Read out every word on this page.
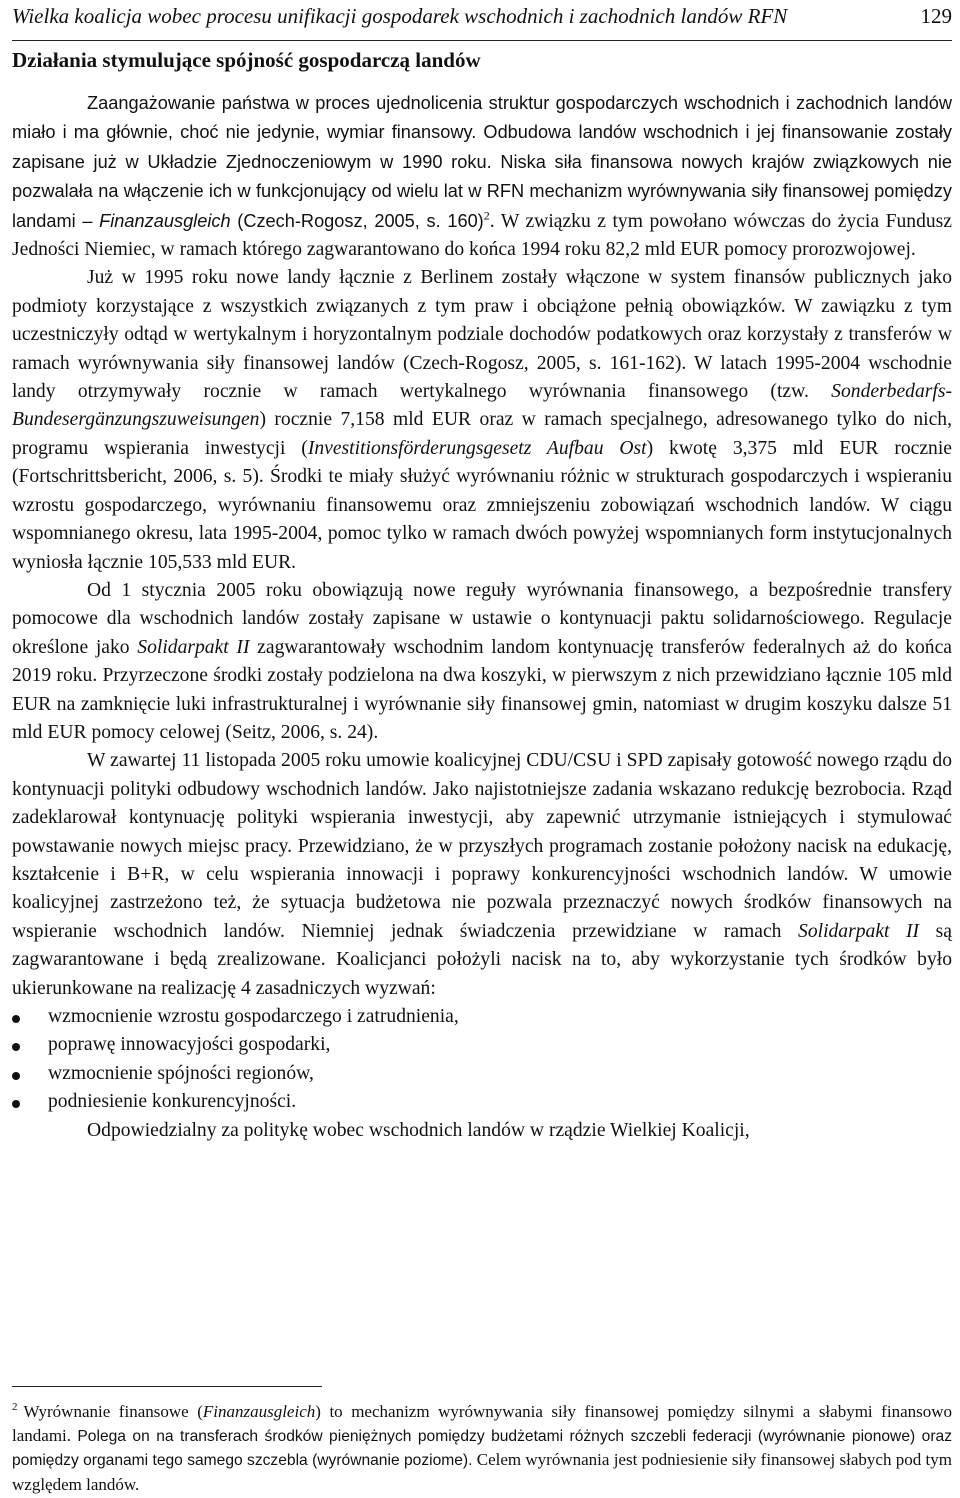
Wielka koalicja wobec procesu unifikacji gospodarek wschodnich i zachodnich landów RFN	129
Działania stymulujące spójność gospodarczą landów

Zaangażowanie państwa w proces ujednolicenia struktur gospodarczych wschodnich i zachodnich landów miało i ma głównie, choć nie jedynie, wymiar finansowy. Odbudowa landów wschodnich i jej finansowanie zostały zapisane już w Układzie Zjednoczeniowym w 1990 roku. Niska siła finansowa nowych krajów związkowych nie pozwalała na włączenie ich w funkcjonujący od wielu lat w RFN mechanizm wyrównywania siły finansowej pomiędzy landami – Finanzausgleich (Czech-Rogosz, 2005, s. 160)$^2$. W związku z tym powołano wówczas do życia Fundusz Jedności Niemiec, w ramach którego zagwarantowano do końca 1994 roku 82,2 mld EUR pomocy prorozwojowej.

Już w 1995 roku nowe landy łącznie z Berlinem zostały włączone w system finansów publicznych jako podmioty korzystające z wszystkich związanych z tym praw i obciążone pełnią obowiązków. W zawiązku z tym uczestniczyły odtąd w wertykalnym i horyzontalnym podziale dochodów podatkowych oraz korzystały z transferów w ramach wyrównywania siły finansowej landów (Czech-Rogosz, 2005, s. 161-162). W latach 1995-2004 wschodnie landy otrzymywały rocznie w ramach wertykalnego wyrównania finansowego (tzw. Sonderbedarfs-Bundesergänzungszuweisungen) rocznie 7,158 mld EUR oraz w ramach specjalnego, adresowanego tylko do nich, programu wspierania inwestycji (Investitionsförderungsgesetz Aufbau Ost) kwotę 3,375 mld EUR rocznie (Fortschrittsbericht, 2006, s. 5). Środki te miały służyć wyrównaniu różnic w strukturach gospodarczych i wspieraniu wzrostu gospodarczego, wyrównaniu finansowemu oraz zmniejszeniu zobowiązań wschodnich landów. W ciągu wspomnianego okresu, lata 1995-2004, pomoc tylko w ramach dwóch powyżej wspomnianych form instytucjonalnych wyniosła łącznie 105,533 mld EUR.

Od 1 stycznia 2005 roku obowiązują nowe reguły wyrównania finansowego, a bezpośrednie transfery pomocowe dla wschodnich landów zostały zapisane w ustawie o kontynuacji paktu solidarnościowego. Regulacje określone jako Solidarpakt II zagwarantowały wschodnim landom kontynuację transferów federalnych aż do końca 2019 roku. Przyrzeczone środki zostały podzielona na dwa koszyki, w pierwszym z nich przewidziano łącznie 105 mld EUR na zamknięcie luki infrastrukturalnej i wyrównanie siły finansowej gmin, natomiast w drugim koszyku dalsze 51 mld EUR pomocy celowej (Seitz, 2006, s. 24).

W zawartej 11 listopada 2005 roku umowie koalicyjnej CDU/CSU i SPD zapisały gotowość nowego rządu do kontynuacji polityki odbudowy wschodnich landów. Jako najistotniejsze zadania wskazano redukcję bezrobocia. Rząd zadeklarował kontynuację polityki wspierania inwestycji, aby zapewnić utrzymanie istniejących i stymulować powstawanie nowych miejsc pracy. Przewidziano, że w przyszłych programach zostanie położony nacisk na edukację, kształcenie i B+R, w celu wspierania innowacji i poprawy konkurencyjności wschodnich landów. W umowie koalicyjnej zastrzeżono też, że sytuacja budżetowa nie pozwala przeznaczyć nowych środków finansowych na wspieranie wschodnich landów. Niemniej jednak świadczenia przewidziane w ramach Solidarpakt II są zagwarantowane i będą zrealizowane. Koalicjanci położyli nacisk na to, aby wykorzystanie tych środków było ukierunkowane na realizację 4 zasadniczych wyzwań:

wzmocnienie wzrostu gospodarczego i zatrudnienia,
poprawę innowacyjości gospodarki,
wzmocnienie spójności regionów,
podniesienie konkurencyjności.

Odpowiedzialny za politykę wobec wschodnich landów w rządzie Wielkiej Koalicji,

$^2$ Wyrównanie finansowe (Finanzausgleich) to mechanizm wyrównywania siły finansowej pomiędzy silnymi a słabymi finansowo landami. Polega on na transferach środków pieniężnych pomiędzy budżetami różnych szczebli federacji (wyrównanie pionowe) oraz pomiędzy organami tego samego szczebla (wyrównanie poziome). Celem wyrównania jest podniesienie siły finansowej słabych pod tym względem landów.
